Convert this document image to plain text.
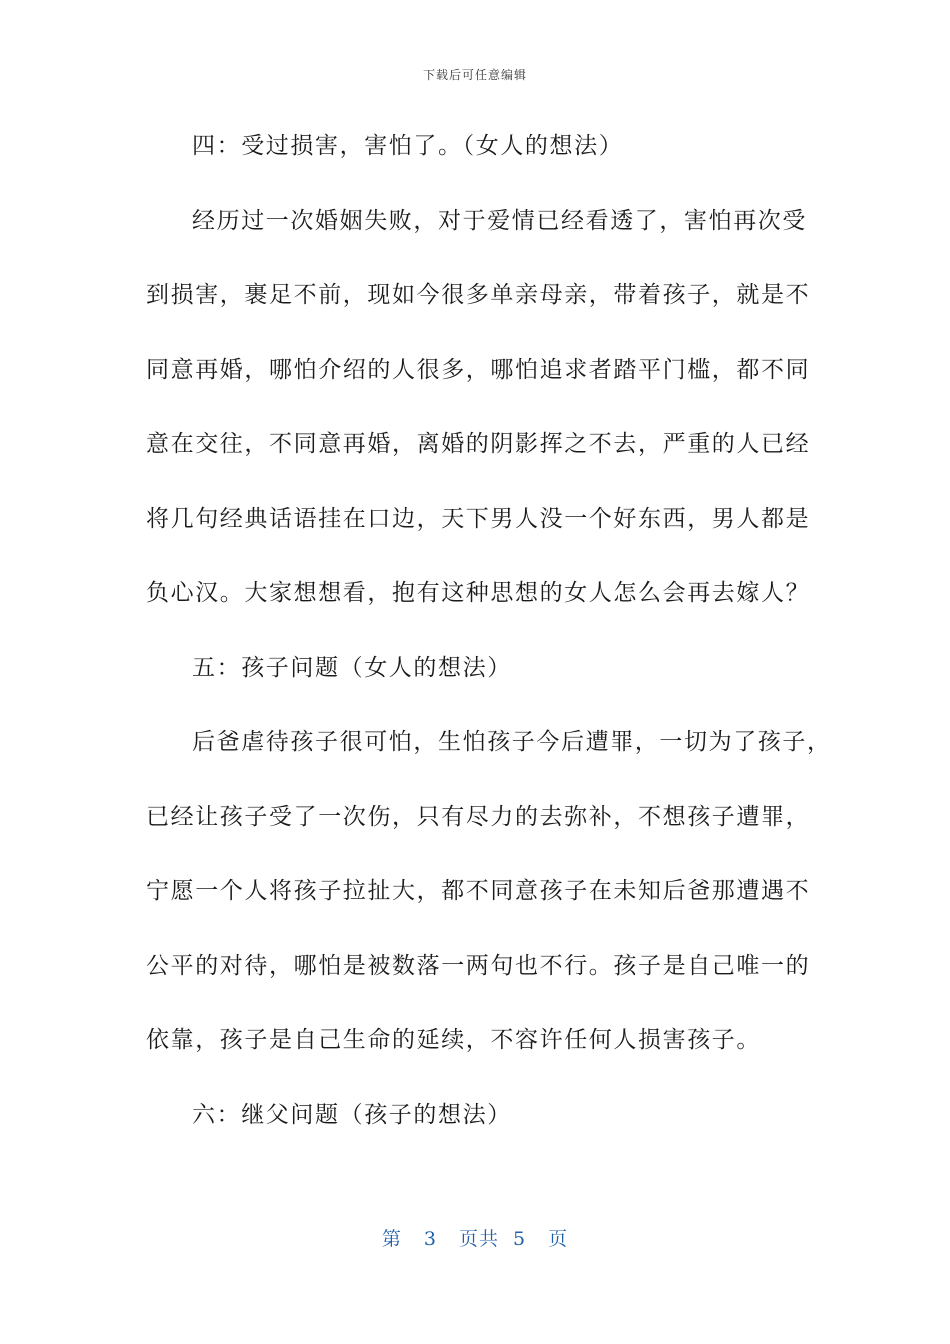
下载后可任意编辑
四：受过损害，害怕了。（女人的想法）
经历过一次婚姻失败，对于爱情已经看透了，害怕再次受
到损害，裹足不前，现如今很多单亲母亲，带着孩子，就是不
同意再婚，哪怕介绍的人很多，哪怕追求者踏平门槛，都不同
意在交往，不同意再婚，离婚的阴影挥之不去，严重的人已经
将几句经典话语挂在口边，天下男人没一个好东西，男人都是
负心汉。大家想想看，抱有这种思想的女人怎么会再去嫁人？
五：孩子问题（女人的想法）
后爸虐待孩子很可怕，生怕孩子今后遭罪，一切为了孩子，
已经让孩子受了一次伤，只有尽力的去弥补，不想孩子遭罪，
宁愿一个人将孩子拉扯大，都不同意孩子在未知后爸那遭遇不
公平的对待，哪怕是被数落一两句也不行。孩子是自己唯一的
依靠，孩子是自己生命的延续，不容许任何人损害孩子。
六：继父问题（孩子的想法）
第 3 页共 5 页
